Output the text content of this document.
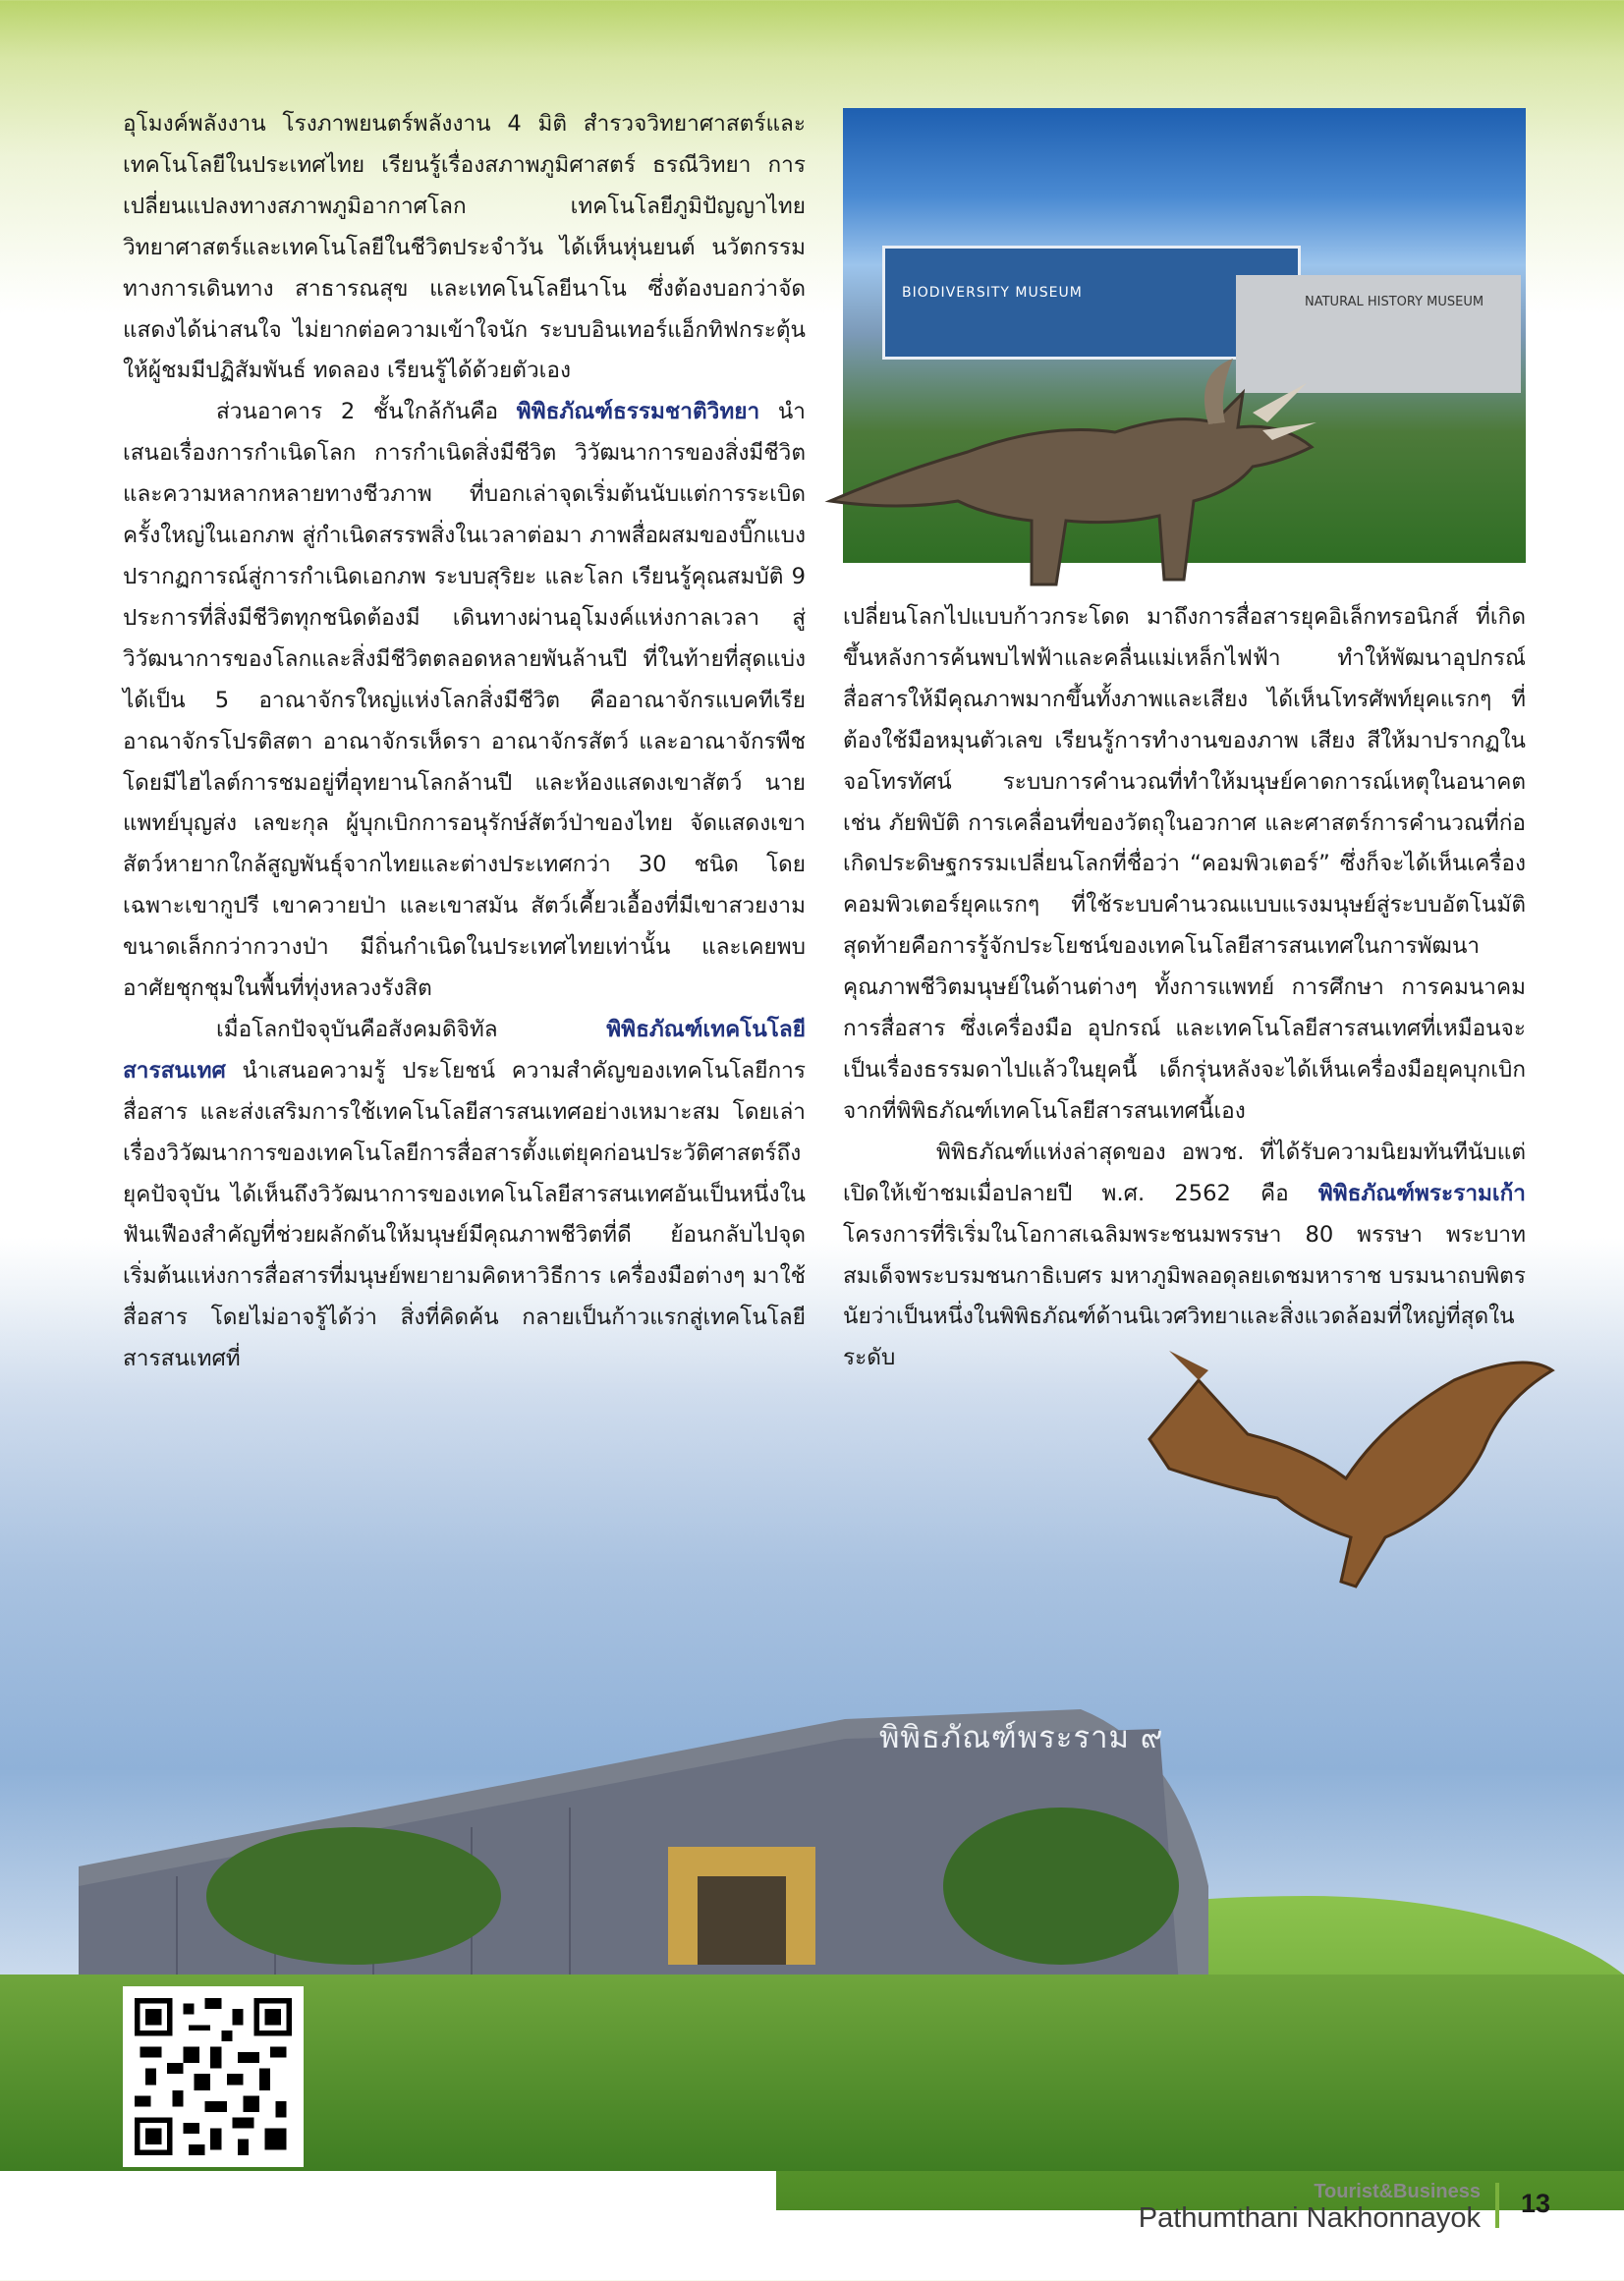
อุโมงค์พลังงาน โรงภาพยนตร์พลังงาน 4 มิติ สำรวจวิทยาศาสตร์และเทคโนโลยีในประเทศไทย เรียนรู้เรื่องสภาพภูมิศาสตร์ ธรณีวิทยา การเปลี่ยนแปลงทางสภาพภูมิอากาศโลก เทคโนโลยีภูมิปัญญาไทย วิทยาศาสตร์และเทคโนโลยีในชีวิตประจำวัน ได้เห็นหุ่นยนต์ นวัตกรรมทางการเดินทาง สาธารณสุข และเทคโนโลยีนาโน ซึ่งต้องบอกว่าจัดแสดงได้น่าสนใจ ไม่ยากต่อความเข้าใจนัก ระบบอินเทอร์แอ็กทิฟกระตุ้นให้ผู้ชมมีปฏิสัมพันธ์ ทดลอง เรียนรู้ได้ด้วยตัวเอง

ส่วนอาคาร 2 ชั้นใกล้กันคือ พิพิธภัณฑ์ธรรมชาติวิทยา นำเสนอเรื่องการกำเนิดโลก การกำเนิดสิ่งมีชีวิต วิวัฒนาการของสิ่งมีชีวิต และความหลากหลายทางชีวภาพ ที่บอกเล่าจุดเริ่มต้นนับแต่การระเบิดครั้งใหญ่ในเอกภพ สู่กำเนิดสรรพสิ่งในเวลาต่อมา ภาพสื่อผสมของบิ๊กแบงปรากฏการณ์สู่การกำเนิดเอกภพ ระบบสุริยะ และโลก เรียนรู้คุณสมบัติ 9 ประการที่สิ่งมีชีวิตทุกชนิดต้องมี เดินทางผ่านอุโมงค์แห่งกาลเวลา สู่วิวัฒนาการของโลกและสิ่งมีชีวิตตลอดหลายพันล้านปี ที่ในท้ายที่สุดแบ่งได้เป็น 5 อาณาจักรใหญ่แห่งโลกสิ่งมีชีวิต คืออาณาจักรแบคทีเรีย อาณาจักรโปรติสตา อาณาจักรเห็ดรา อาณาจักรสัตว์ และอาณาจักรพืช โดยมีไฮไลต์การชมอยู่ที่อุทยานโลกล้านปี และห้องแสดงเขาสัตว์ นายแพทย์บุญส่ง เลขะกุล ผู้บุกเบิกการอนุรักษ์สัตว์ป่าของไทย จัดแสดงเขาสัตว์หายากใกล้สูญพันธุ์จากไทยและต่างประเทศกว่า 30 ชนิด โดยเฉพาะเขากูปรี เขาควายป่า และเขาสมัน สัตว์เคี้ยวเอื้องที่มีเขาสวยงาม ขนาดเล็กกว่ากวางป่า มีถิ่นกำเนิดในประเทศไทยเท่านั้น และเคยพบอาศัยชุกชุมในพื้นที่ทุ่งหลวงรังสิต

เมื่อโลกปัจจุบันคือสังคมดิจิทัล พิพิธภัณฑ์เทคโนโลยีสารสนเทศ นำเสนอความรู้ ประโยชน์ ความสำคัญของเทคโนโลยีการสื่อสาร และส่งเสริมการใช้เทคโนโลยีสารสนเทศอย่างเหมาะสม โดยเล่าเรื่องวิวัฒนาการของเทคโนโลยีการสื่อสารตั้งแต่ยุคก่อนประวัติศาสตร์ถึงยุคปัจจุบัน ได้เห็นถึงวิวัฒนาการของเทคโนโลยีสารสนเทศอันเป็นหนึ่งในฟันเฟืองสำคัญที่ช่วยผลักดันให้มนุษย์มีคุณภาพชีวิตที่ดี ย้อนกลับไปจุดเริ่มต้นแห่งการสื่อสารที่มนุษย์พยายามคิดหาวิธีการ เครื่องมือต่างๆ มาใช้สื่อสาร โดยไม่อาจรู้ได้ว่า สิ่งที่คิดค้น กลายเป็นก้าวแรกสู่เทคโนโลยีสารสนเทศที่

BIODIVERSITY MUSEUM
NATURAL HISTORY MUSEUM

เปลี่ยนโลกไปแบบก้าวกระโดด มาถึงการสื่อสารยุคอิเล็กทรอนิกส์ ที่เกิดขึ้นหลังการค้นพบไฟฟ้าและคลื่นแม่เหล็กไฟฟ้า ทำให้พัฒนาอุปกรณ์สื่อสารให้มีคุณภาพมากขึ้นทั้งภาพและเสียง ได้เห็นโทรศัพท์ยุคแรกๆ ที่ต้องใช้มือหมุนตัวเลข เรียนรู้การทำงานของภาพ เสียง สีให้มาปรากฏในจอโทรทัศน์ ระบบการคำนวณที่ทำให้มนุษย์คาดการณ์เหตุในอนาคต เช่น ภัยพิบัติ การเคลื่อนที่ของวัตถุในอวกาศ และศาสตร์การคำนวณที่ก่อเกิดประดิษฐกรรมเปลี่ยนโลกที่ชื่อว่า “คอมพิวเตอร์” ซึ่งก็จะได้เห็นเครื่องคอมพิวเตอร์ยุคแรกๆ ที่ใช้ระบบคำนวณแบบแรงมนุษย์สู่ระบบอัตโนมัติ สุดท้ายคือการรู้จักประโยชน์ของเทคโนโลยีสารสนเทศในการพัฒนาคุณภาพชีวิตมนุษย์ในด้านต่างๆ ทั้งการแพทย์ การศึกษา การคมนาคม การสื่อสาร ซึ่งเครื่องมือ อุปกรณ์ และเทคโนโลยีสารสนเทศที่เหมือนจะเป็นเรื่องธรรมดาไปแล้วในยุคนี้ เด็กรุ่นหลังจะได้เห็นเครื่องมือยุคบุกเบิกจากที่พิพิธภัณฑ์เทคโนโลยีสารสนเทศนี้เอง

พิพิธภัณฑ์แห่งล่าสุดของ อพวช. ที่ได้รับความนิยมทันทีนับแต่เปิดให้เข้าชมเมื่อปลายปี พ.ศ. 2562 คือ พิพิธภัณฑ์พระรามเก้า โครงการที่ริเริ่มในโอกาสเฉลิมพระชนมพรรษา 80 พรรษา พระบาทสมเด็จพระบรมชนกาธิเบศร มหาภูมิพลอดุลยเดชมหาราช บรมนาถบพิตร นัยว่าเป็นหนึ่งในพิพิธภัณฑ์ด้านนิเวศวิทยาและสิ่งแวดล้อมที่ใหญ่ที่สุดในระดับ

พิพิธภัณฑ์พระราม ๙
Tourist&Business
Pathumthani Nakhonnayok 13
